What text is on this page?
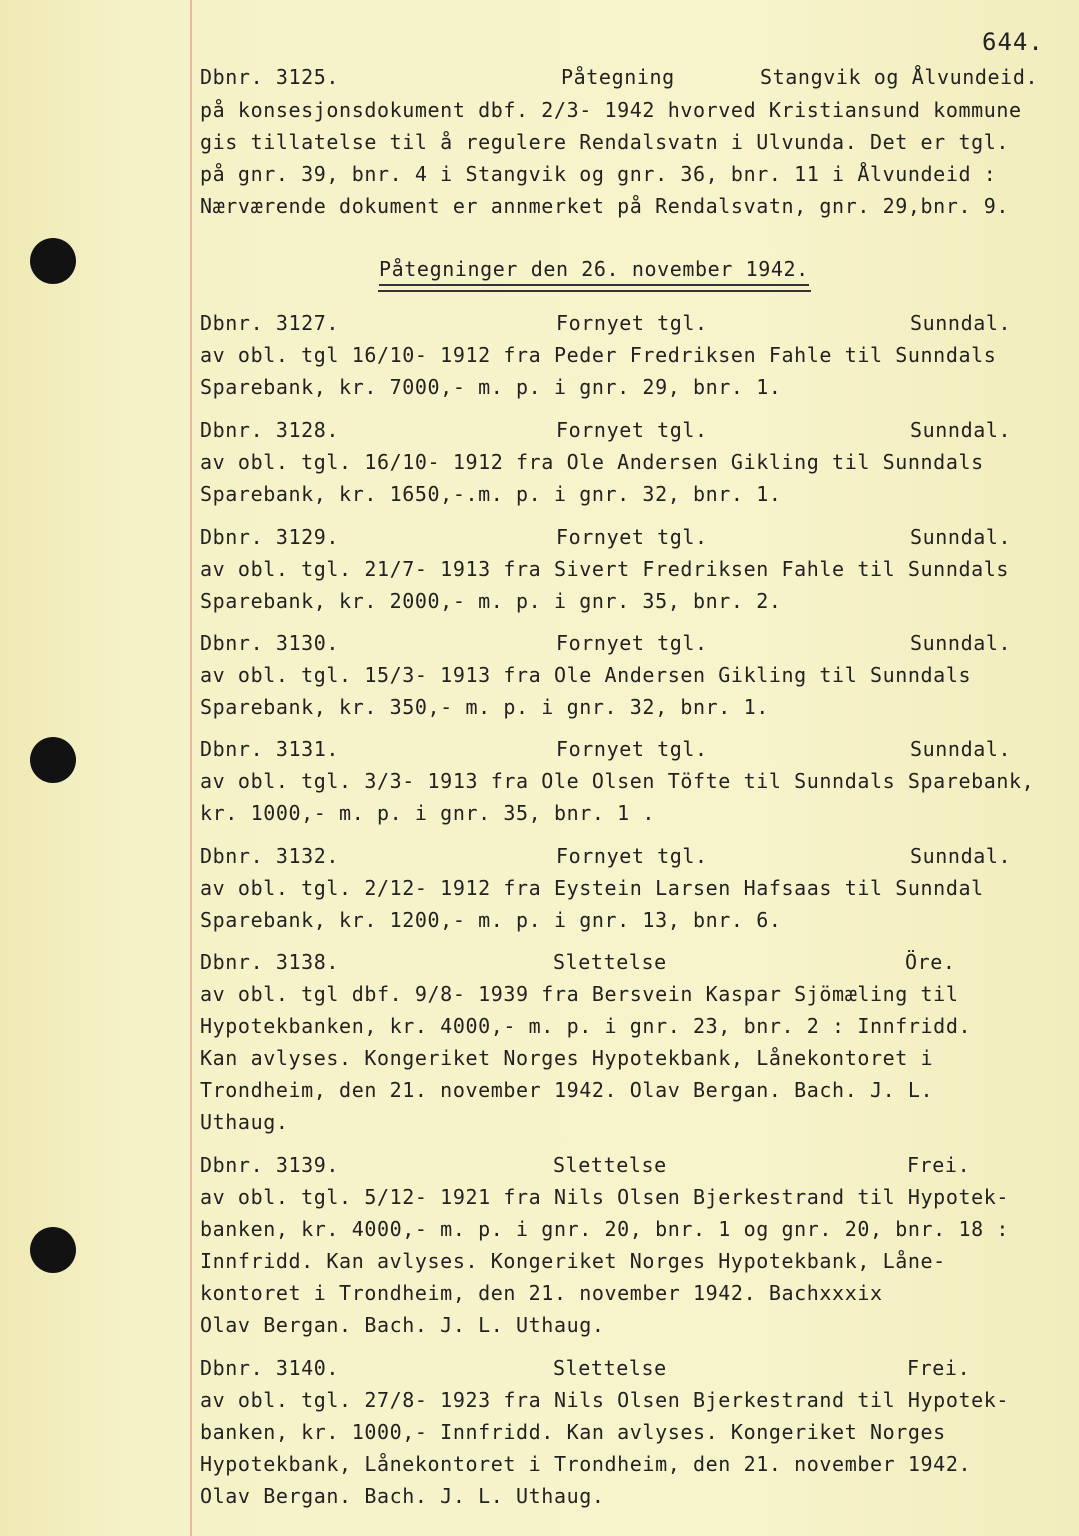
644.
Dbnr. 3125.	Påtegning	Stangvik og Ålvundeid.
på konsesjonsdokument dbf. 2/3- 1942 hvorved Kristiansund kommune
gis tillatelse til å regulere Rendalsvatn i Ulvunda. Det er tgl.
på gnr. 39, bnr. 4 i Stangvik og gnr. 36, bnr. 11 i Ålvundeid :
Nærværende dokument er annmerket på Rendalsvatn, gnr. 29,bnr. 9.
Påtegninger den 26. november 1942.
Dbnr. 3127.	Fornyet tgl.	Sunndal.
av obl. tgl 16/10- 1912 fra Peder Fredriksen Fahle til Sunndals
Sparebank, kr. 7000,- m. p. i gnr. 29, bnr. 1.
Dbnr. 3128.	Fornyet tgl.	Sunndal.
av obl. tgl. 16/10- 1912 fra Ole Andersen Gikling til Sunndals
Sparebank, kr. 1650,-.m. p. i gnr. 32, bnr. 1.
Dbnr. 3129.	Fornyet tgl.	Sunndal.
av obl. tgl. 21/7- 1913 fra Sivert Fredriksen Fahle til Sunndals
Sparebank, kr. 2000,- m. p. i gnr. 35, bnr. 2.
Dbnr. 3130.	Fornyet tgl.	Sunndal.
av obl. tgl. 15/3- 1913 fra Ole Andersen Gikling til Sunndals
Sparebank, kr. 350,- m. p. i gnr. 32, bnr. 1.
Dbnr. 3131.	Fornyet tgl.	Sunndal.
av obl. tgl. 3/3- 1913 fra Ole Olsen Töfte til Sunndals Sparebank,
kr. 1000,- m. p. i gnr. 35, bnr. 1 .
Dbnr. 3132.	Fornyet tgl.	Sunndal.
av obl. tgl. 2/12- 1912 fra Eystein Larsen Hafsaas til Sunndal
Sparebank, kr. 1200,- m. p. i gnr. 13, bnr. 6.
Dbnr. 3138.	Slettelse	Öre.
av obl. tgl dbf. 9/8- 1939 fra Bersvein Kaspar Sjömæling til
Hypotekbanken, kr. 4000,- m. p. i gnr. 23, bnr. 2 : Innfridd.
Kan avlyses. Kongeriket Norges Hypotekbank, Lånekontoret i
Trondheim, den 21. november 1942. Olav Bergan. Bach. J. L.
Uthaug.
Dbnr. 3139.	Slettelse	Frei.
av obl. tgl. 5/12- 1921 fra Nils Olsen Bjerkestrand til Hypotek-
banken, kr. 4000,- m. p. i gnr. 20, bnr. 1 og gnr. 20, bnr. 18 :
Innfridd. Kan avlyses. Kongeriket Norges Hypotekbank, Låne-
kontoret i Trondheim, den 21. november 1942. Bachxxxix
Olav Bergan. Bach. J. L. Uthaug.
Dbnr. 3140.	Slettelse	Frei.
av obl. tgl. 27/8- 1923 fra Nils Olsen Bjerkestrand til Hypotek-
banken, kr. 1000,- Innfridd. Kan avlyses. Kongeriket Norges
Hypotekbank, Lånekontoret i Trondheim, den 21. november 1942.
Olav Bergan. Bach. J. L. Uthaug.
